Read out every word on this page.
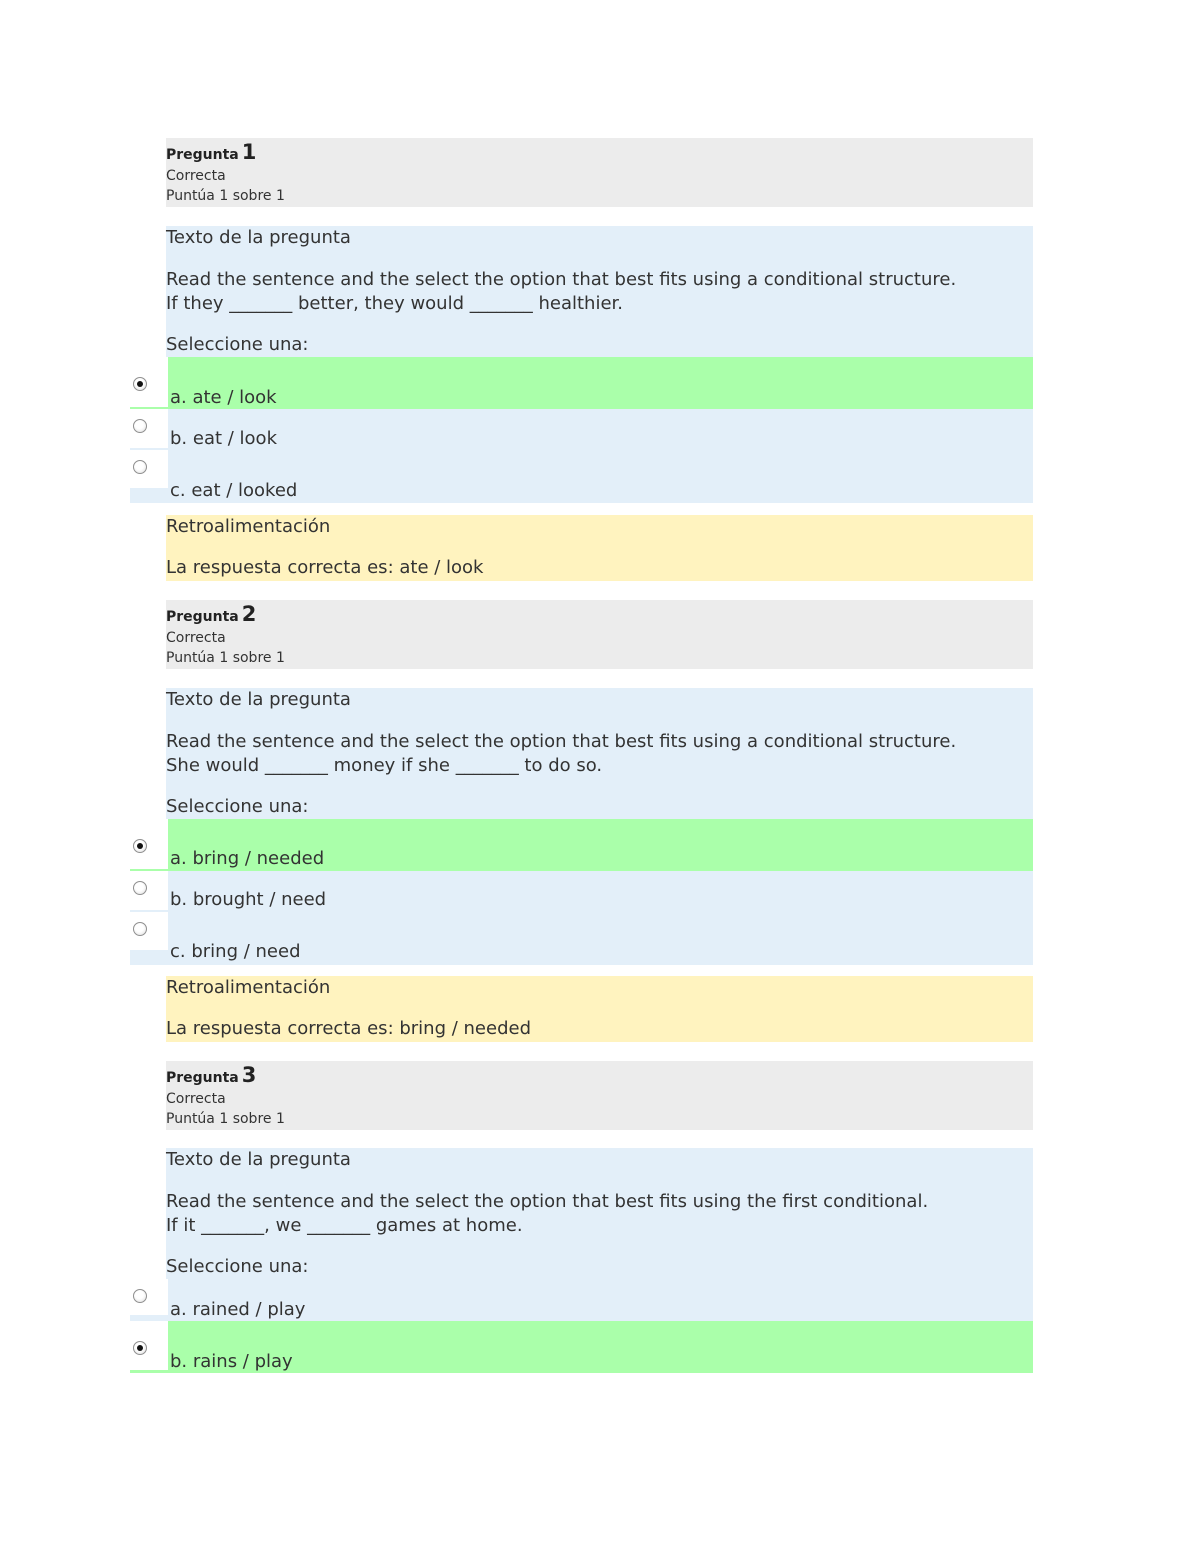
Pregunta 1
Correcta
Puntúa 1 sobre 1
Texto de la pregunta
Read the sentence and the select the option that best fits using a conditional structure.
If they _______ better, they would _______ healthier.
Seleccione una:
a. ate / look
b. eat / look
c. eat / looked
Retroalimentación
La respuesta correcta es: ate / look
Pregunta 2
Correcta
Puntúa 1 sobre 1
Texto de la pregunta
Read the sentence and the select the option that best fits using a conditional structure.
She would _______ money if she _______ to do so.
Seleccione una:
a. bring / needed
b. brought / need
c. bring / need
Retroalimentación
La respuesta correcta es: bring / needed
Pregunta 3
Correcta
Puntúa 1 sobre 1
Texto de la pregunta
Read the sentence and the select the option that best fits using the first conditional.
If it _______, we _______ games at home.
Seleccione una:
a. rained / play
b. rains / play
